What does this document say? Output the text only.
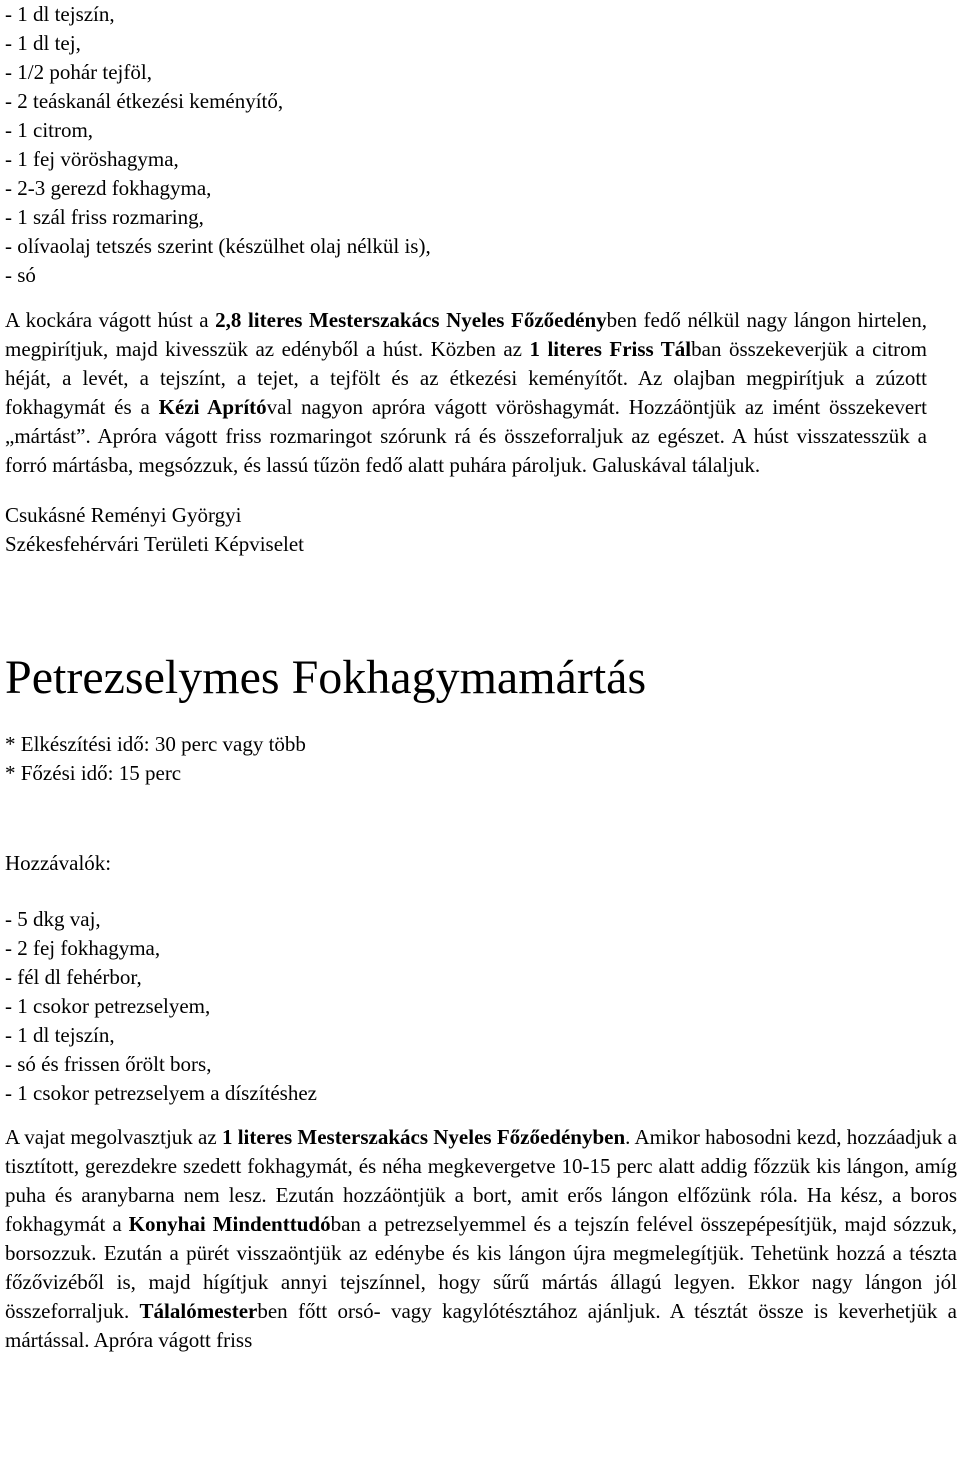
- 1 dl tejszín,
- 1 dl tej,
- 1/2 pohár tejföl,
- 2 teáskanál étkezési keményítő,
- 1 citrom,
- 1 fej vöröshagyma,
- 2-3 gerezd fokhagyma,
- 1 szál friss rozmaring,
- olívaolaj tetszés szerint (készülhet olaj nélkül is),
- só

A kockára vágott húst a 2,8 literes Mesterszakács Nyeles Főzőedényben fedő nélkül nagy lángon hirtelen, megpirítjuk, majd kivesszük az edényből a húst. Közben az 1 literes Friss Tálban összekeverjük a citrom héját, a levét, a tejszínt, a tejet, a tejfölt és az étkezési keményítőt. Az olajban megpirítjuk a zúzott fokhagymát és a Kézi Aprítóval nagyon apróra vágott vöröshagymát. Hozzáöntjük az imént összekevert „mártást”. Apróra vágott friss rozmaringot szórunk rá és összeforraljuk az egészet. A húst visszatesszük a forró mártásba, megsózzuk, és lassú tűzön fedő alatt puhára pároljuk. Galuskával tálaljuk.

Csukásné Reményi Györgyi

Székesfehérvári Területi Képviselet

Petrezselymes Fokhagymamártás

* Elkészítési idő: 30 perc vagy több

* Főzési idő: 15 perc

Hozzávalók:

- 5 dkg vaj,
- 2 fej fokhagyma,
- fél dl fehérbor,
- 1 csokor petrezselyem,
- 1 dl tejszín,
- só és frissen őrölt bors,
- 1 csokor petrezselyem a díszítéshez

A vajat megolvasztjuk az 1 literes Mesterszakács Nyeles Főzőedényben. Amikor habosodni kezd, hozzáadjuk a tisztított, gerezdekre szedett fokhagymát, és néha megkevergetve 10-15 perc alatt addig főzzük kis lángon, amíg puha és aranybarna nem lesz. Ezután hozzáöntjük a bort, amit erős lángon elfőzünk róla. Ha kész, a boros fokhagymát a Konyhai Mindenttudóban a petrezselyemmel és a tejszín felével összepépesítjük, majd sózzuk, borsozzuk. Ezután a pürét visszaöntjük az edénybe és kis lángon újra megmelegítjük. Tehetünk hozzá a tészta főzővizéből is, majd hígítjuk annyi tejszínnel, hogy sűrű mártás állagú legyen. Ekkor nagy lángon jól összeforraljuk. Tálalómesterben főtt orsó- vagy kagylótésztához ajánljuk. A tésztát össze is keverhetjük a mártással. Apróra vágott friss
